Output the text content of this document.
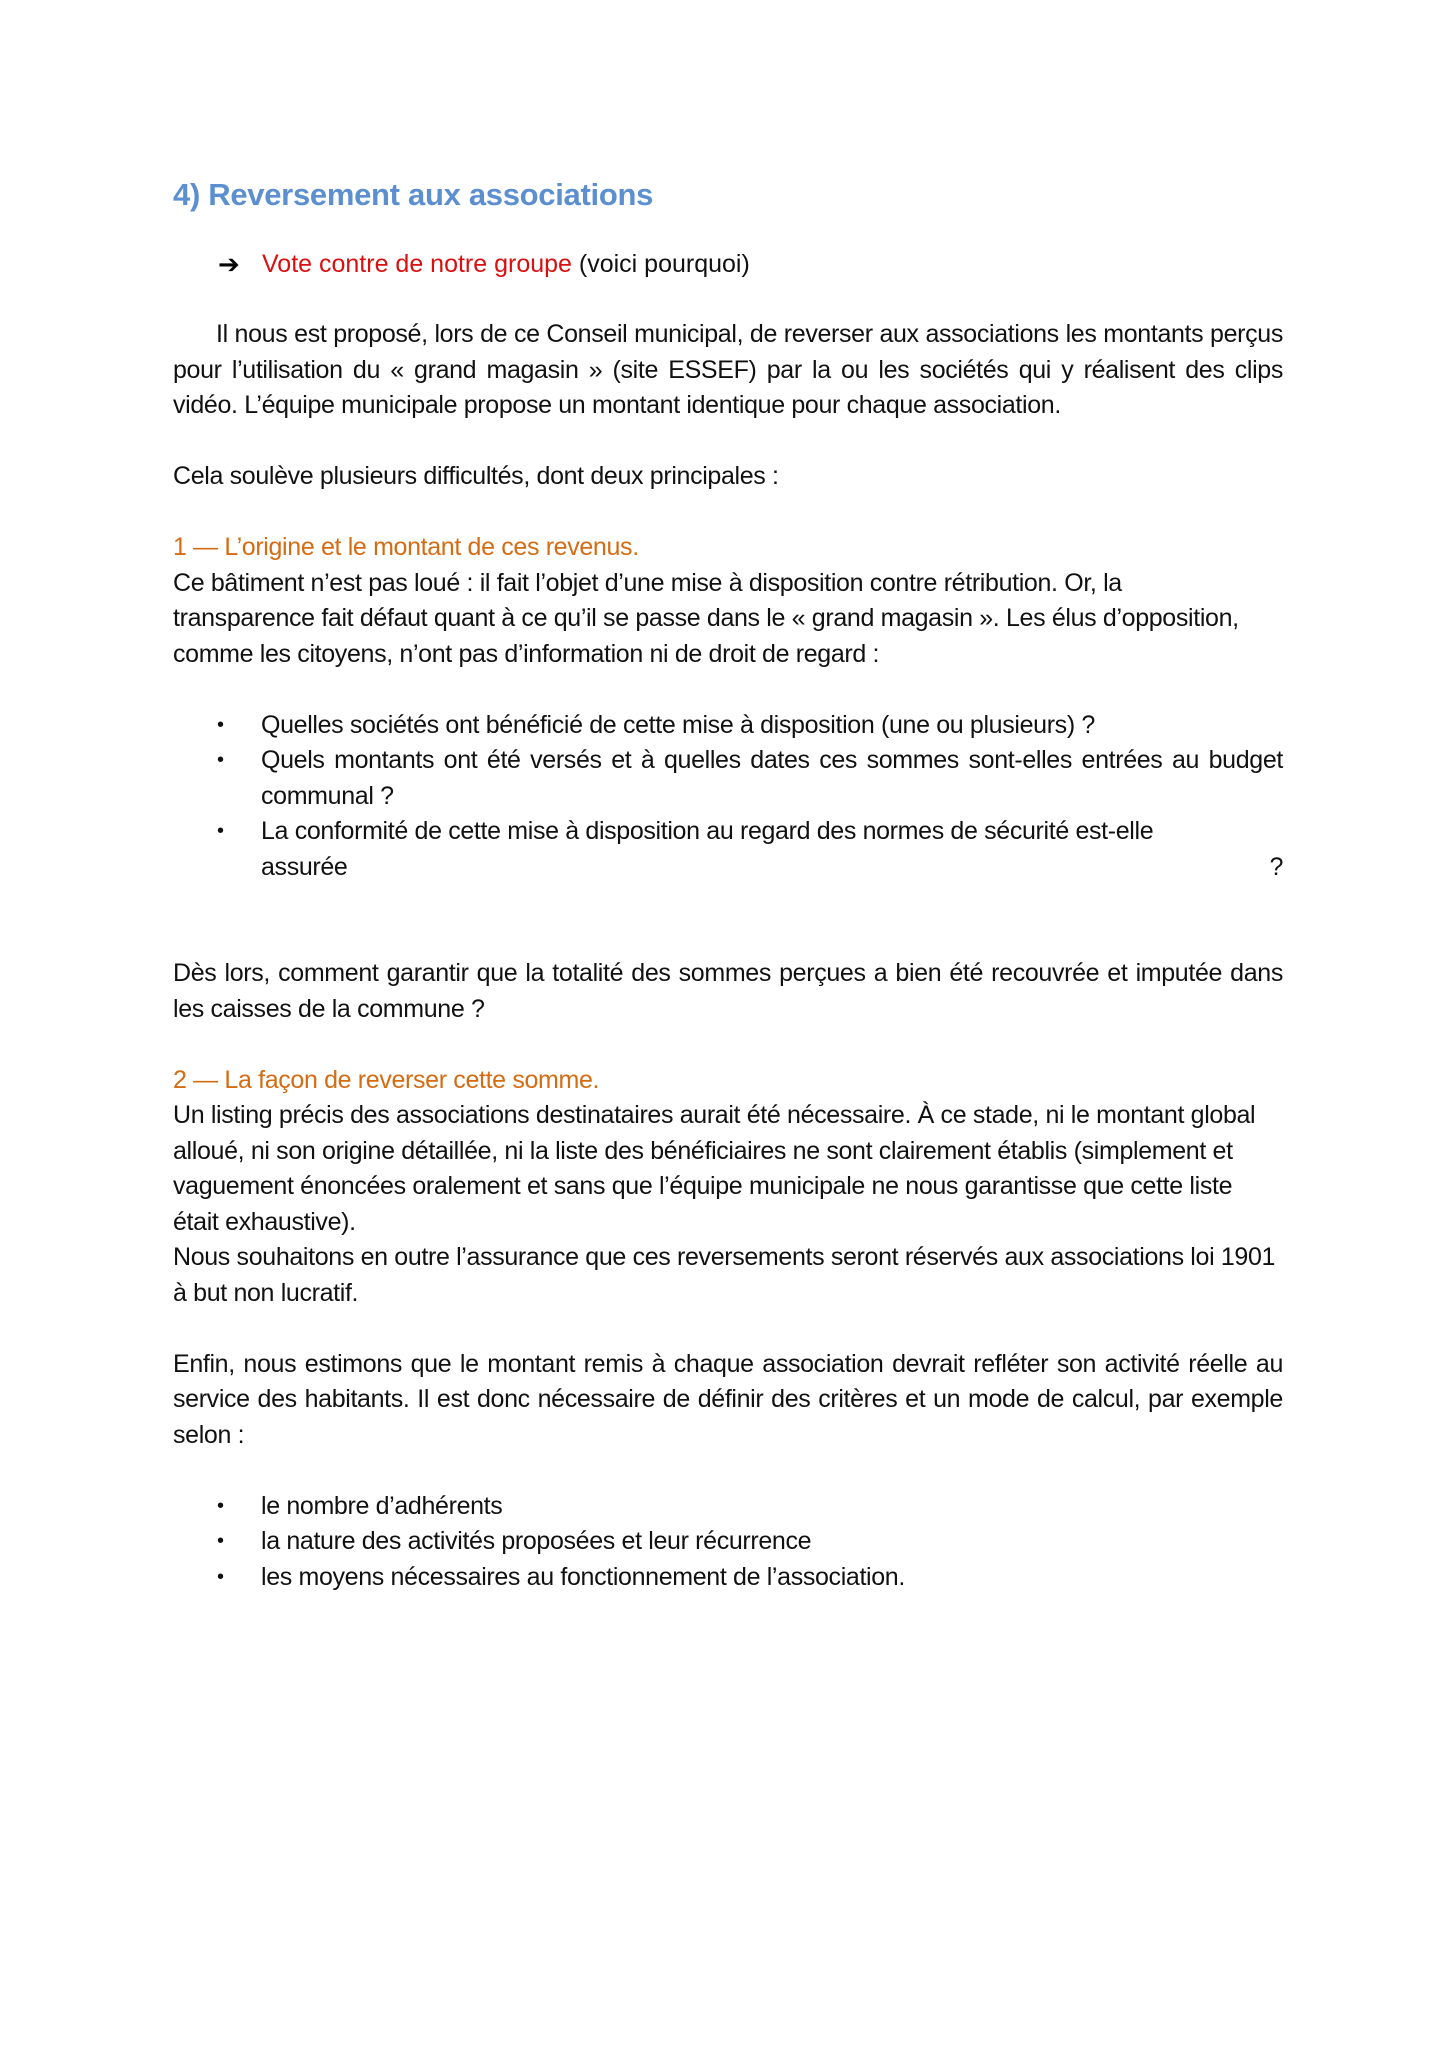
4) Reversement aux associations
➔ Vote contre de notre groupe (voici pourquoi)

Il nous est proposé, lors de ce Conseil municipal, de reverser aux associations les montants perçus pour l’utilisation du « grand magasin » (site ESSEF) par la ou les sociétés qui y réalisent des clips vidéo. L’équipe municipale propose un montant identique pour chaque association.

Cela soulève plusieurs difficultés, dont deux principales :

1 — L’origine et le montant de ces revenus.

Ce bâtiment n’est pas loué : il fait l’objet d’une mise à disposition contre rétribution. Or, la transparence fait défaut quant à ce qu’il se passe dans le « grand magasin ». Les élus d’opposition, comme les citoyens, n’ont pas d’information ni de droit de regard :

• Quelles sociétés ont bénéficié de cette mise à disposition (une ou plusieurs) ?
• Quels montants ont été versés et à quelles dates ces sommes sont-elles entrées au budget communal ?
• La conformité de cette mise à disposition au regard des normes de sécurité est-elle
assurée	?

Dès lors, comment garantir que la totalité des sommes perçues a bien été recouvrée et imputée dans les caisses de la commune ?

2 — La façon de reverser cette somme.

Un listing précis des associations destinataires aurait été nécessaire. À ce stade, ni le montant global alloué, ni son origine détaillée, ni la liste des bénéficiaires ne sont clairement établis (simplement et vaguement énoncées oralement et sans que l’équipe municipale ne nous garantisse que cette liste était exhaustive).

Nous souhaitons en outre l’assurance que ces reversements seront réservés aux associations loi 1901 à but non lucratif.

Enfin, nous estimons que le montant remis à chaque association devrait refléter son activité réelle au service des habitants. Il est donc nécessaire de définir des critères et un mode de calcul, par exemple selon :

• le nombre d’adhérents
• la nature des activités proposées et leur récurrence
• les moyens nécessaires au fonctionnement de l’association.
